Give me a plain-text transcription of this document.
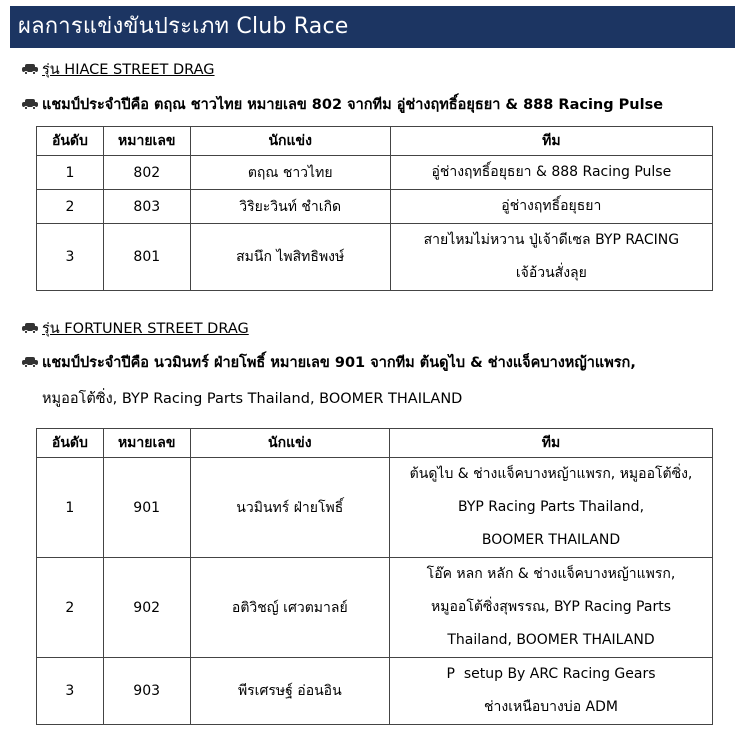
ผลการแข่งขันประเภท Club Race
รุ่น HIACE STREET DRAG
แชมป์ประจำปีคือ ตฤณ ชาวไทย หมายเลข 802 จากทีม อู่ช่างฤทธิ์อยุธยา & 888 Racing Pulse
อันดับ	หมายเลข	นักแข่ง	ทีม
1	802	ตฤณ ชาวไทย	อู่ช่างฤทธิ์อยุธยา & 888 Racing Pulse

2	803	วิริยะวินท์ ชำเกิด	อู่ช่างฤทธิ์อยุธยา

3	801	สมนึก ไพสิทธิพงษ์	สายไหมไม่หวาน ปู่เจ้าดีเซล BYP RACING
เจ้อ้วนสั่งลุย
รุ่น FORTUNER STREET DRAG
แชมป์ประจำปีคือ นวมินทร์ ฝ่ายโพธิ์ หมายเลข 901 จากทีม ต้นดูไบ & ช่างแจ็คบางหญ้าแพรก,
หมูออโต้ซิ่ง, BYP Racing Parts Thailand, BOOMER THAILAND
อันดับ	หมายเลข	นักแข่ง	ทีม
1	901	นวมินทร์ ฝ่ายโพธิ์	ต้นดูไบ & ช่างแจ็คบางหญ้าแพรก, หมูออโต้ซิ่ง,
BYP Racing Parts Thailand,
BOOMER THAILAND

2	902	อติวิชญ์ เศวตมาลย์	โอ๊ค หลก หลัก & ช่างแจ็คบางหญ้าแพรก,
หมูออโต้ซิ่งสุพรรณ, BYP Racing Parts
Thailand, BOOMER THAILAND

3	903	พีรเศรษฐ์ อ่อนอิน	P  setup By ARC Racing Gears
ช่างเหนือบางบ่อ ADM
